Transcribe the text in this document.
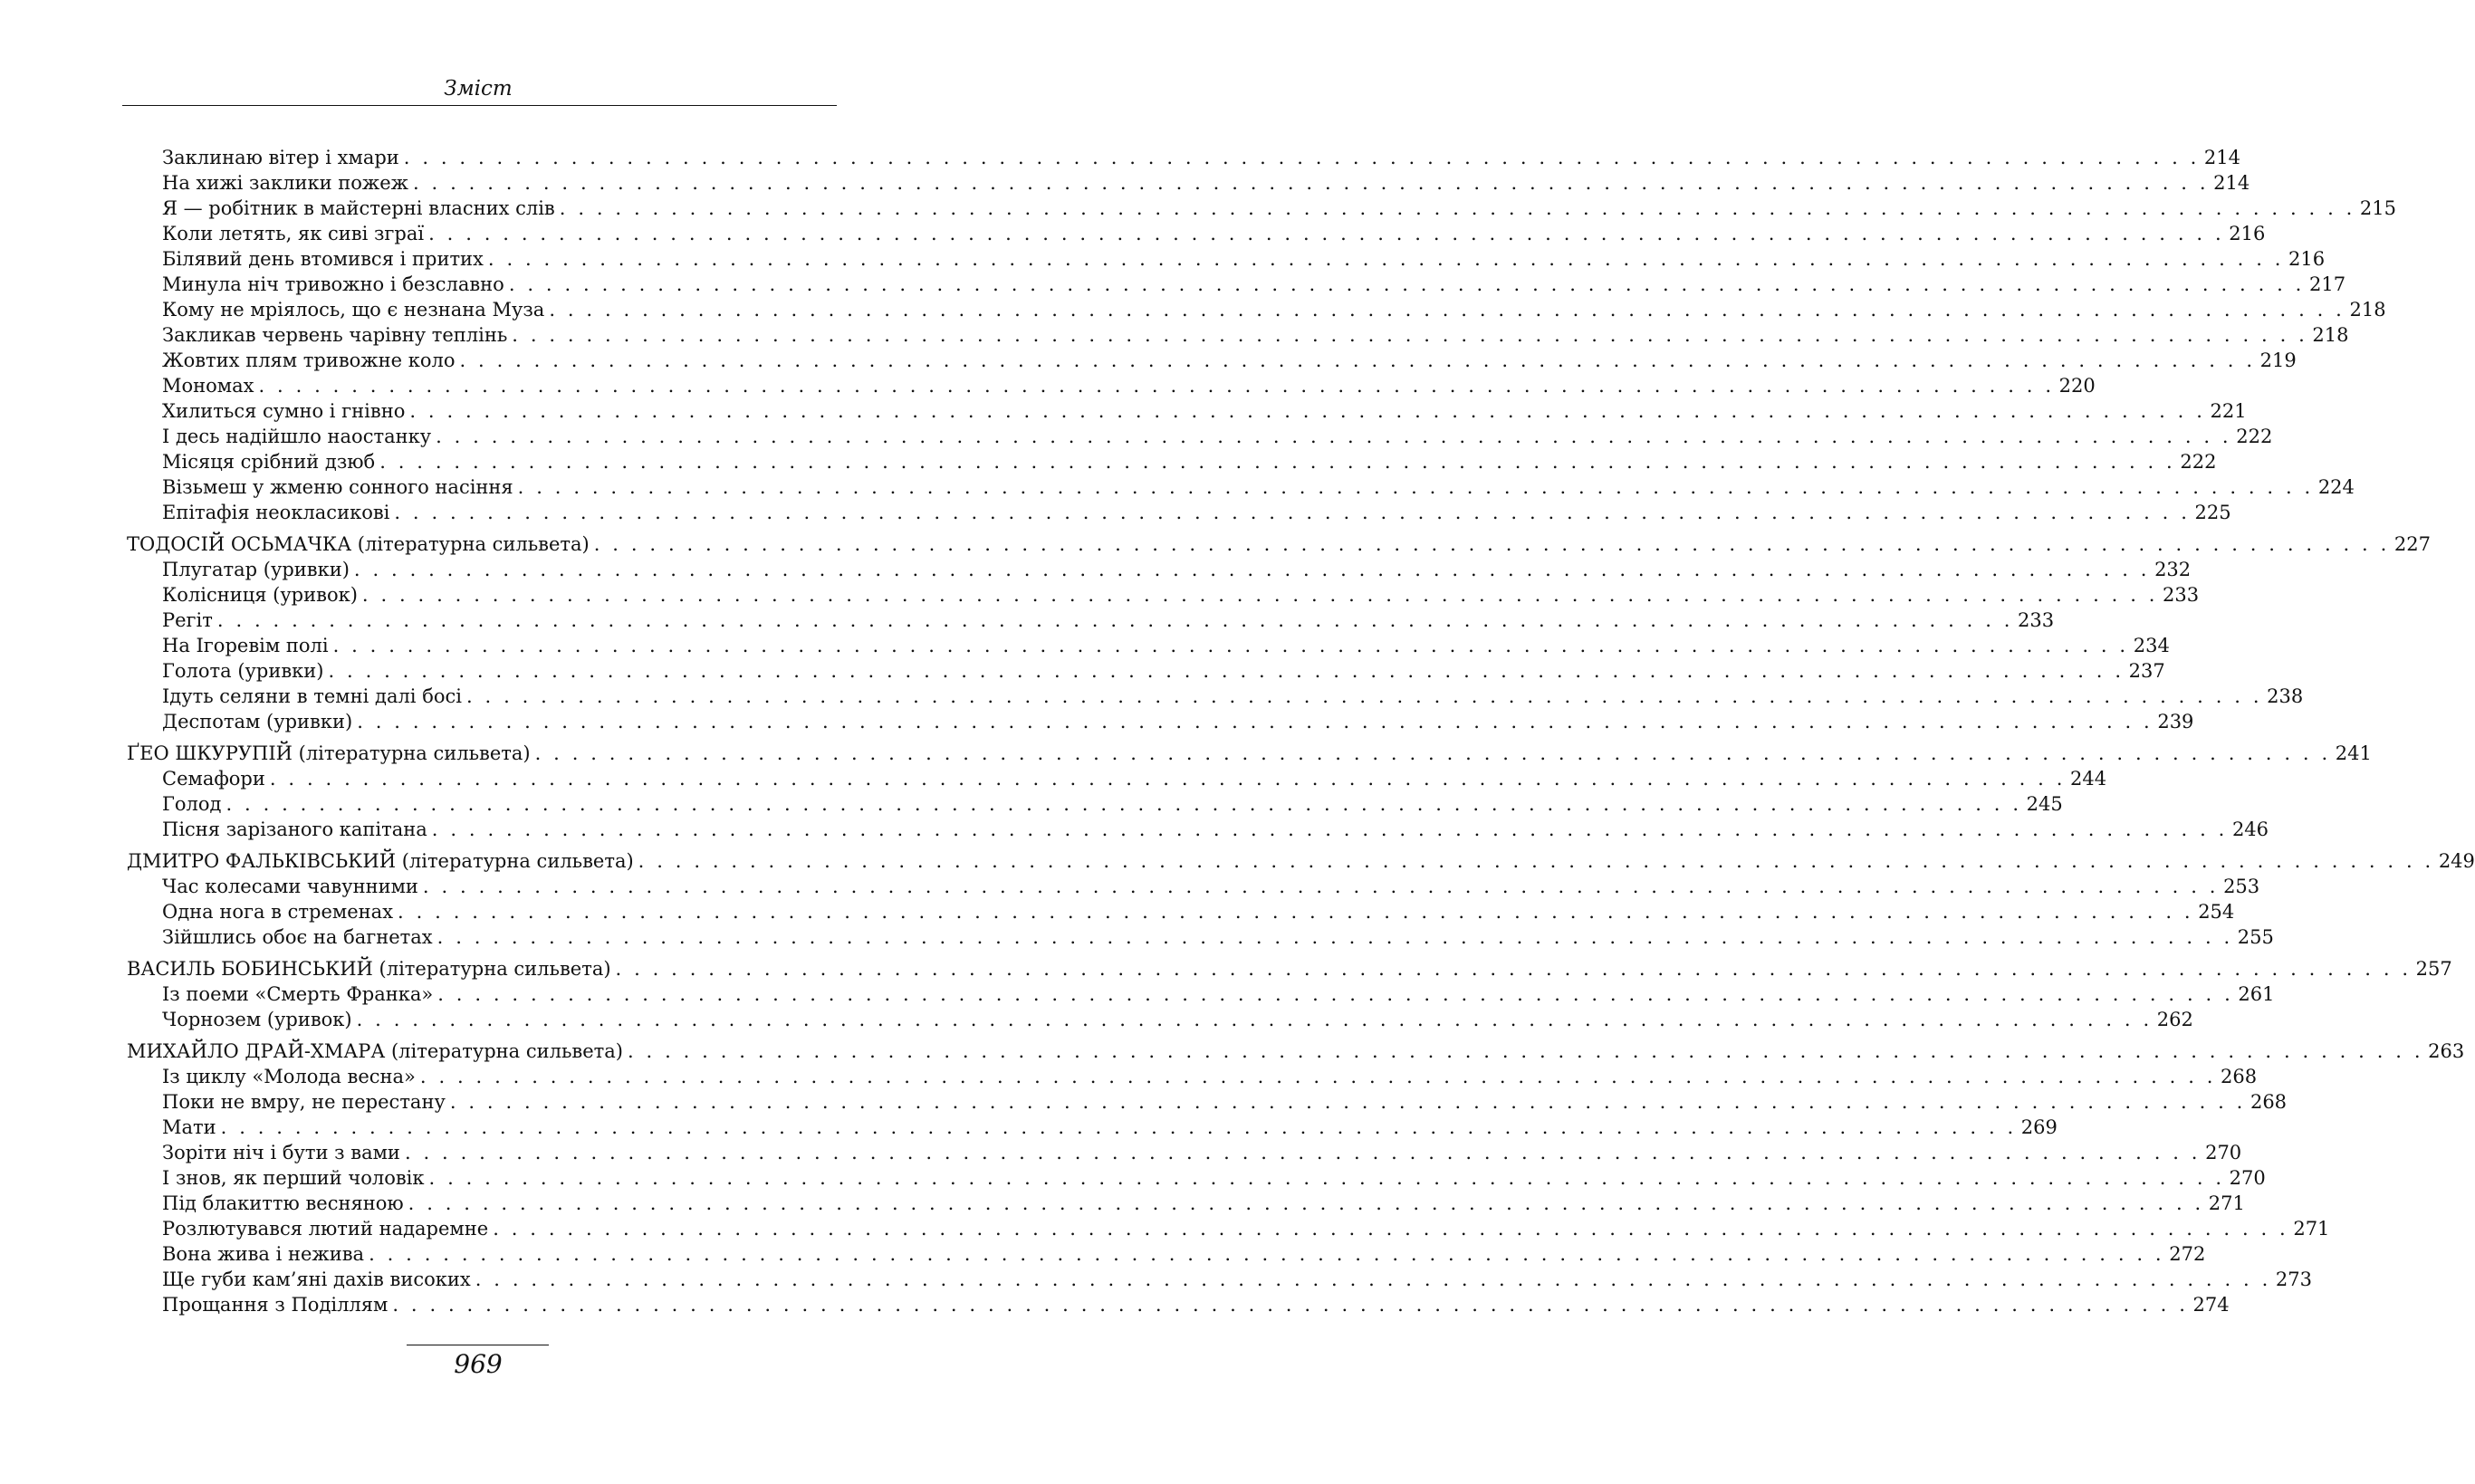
Зміст
Заклинаю вітер і хмари . . . . . . . . . . . . . . . . . . . . . . . . . . . . . . . . . . . . . . . . . . . . . . . . . . . . . . . . . . . . . . . . . . . . . . . . . . . . . . . . . . . . . . . . . . . . . . . . . 214
На хижі заклики пожеж . . . . . . . . . . . . . . . . . . . . . . . . . . . . . . . . . . . . . . . . . . . . . . . . . . . . . . . . . . . . . . . . . . . . . . . . . . . . . . . . . . . . . . . . . . . . . . . . . 214
Я — робітник в майстерні власних слів . . . . . . . . . . . . . . . . . . . . . . . . . . . . . . . . . . . . . . . . . . . . . . . . . . . . . . . . . . . . . . . . . . . . . . . . . . . . . . . . . . . . . . . . . . . . . . . . . 215
Коли летять, як сиві зграї . . . . . . . . . . . . . . . . . . . . . . . . . . . . . . . . . . . . . . . . . . . . . . . . . . . . . . . . . . . . . . . . . . . . . . . . . . . . . . . . . . . . . . . . . . . . . . . . . 216
Білявий день втомився і притих . . . . . . . . . . . . . . . . . . . . . . . . . . . . . . . . . . . . . . . . . . . . . . . . . . . . . . . . . . . . . . . . . . . . . . . . . . . . . . . . . . . . . . . . . . . . . . . . . 216
Минула ніч тривожно і безславно . . . . . . . . . . . . . . . . . . . . . . . . . . . . . . . . . . . . . . . . . . . . . . . . . . . . . . . . . . . . . . . . . . . . . . . . . . . . . . . . . . . . . . . . . . . . . . . . . 217
Кому не мріялось, що є незнана Муза . . . . . . . . . . . . . . . . . . . . . . . . . . . . . . . . . . . . . . . . . . . . . . . . . . . . . . . . . . . . . . . . . . . . . . . . . . . . . . . . . . . . . . . . . . . . . . . . . 218
Закликав червень чарівну теплінь . . . . . . . . . . . . . . . . . . . . . . . . . . . . . . . . . . . . . . . . . . . . . . . . . . . . . . . . . . . . . . . . . . . . . . . . . . . . . . . . . . . . . . . . . . . . . . . . . 218
Жовтих плям тривожне коло . . . . . . . . . . . . . . . . . . . . . . . . . . . . . . . . . . . . . . . . . . . . . . . . . . . . . . . . . . . . . . . . . . . . . . . . . . . . . . . . . . . . . . . . . . . . . . . . . 219
Мономах . . . . . . . . . . . . . . . . . . . . . . . . . . . . . . . . . . . . . . . . . . . . . . . . . . . . . . . . . . . . . . . . . . . . . . . . . . . . . . . . . . . . . . . . . . . . . . . . . 220
Хилиться сумно і гнівно . . . . . . . . . . . . . . . . . . . . . . . . . . . . . . . . . . . . . . . . . . . . . . . . . . . . . . . . . . . . . . . . . . . . . . . . . . . . . . . . . . . . . . . . . . . . . . . . . 221
І десь надійшло наостанку . . . . . . . . . . . . . . . . . . . . . . . . . . . . . . . . . . . . . . . . . . . . . . . . . . . . . . . . . . . . . . . . . . . . . . . . . . . . . . . . . . . . . . . . . . . . . . . . . 222
Місяця срібний дзюб . . . . . . . . . . . . . . . . . . . . . . . . . . . . . . . . . . . . . . . . . . . . . . . . . . . . . . . . . . . . . . . . . . . . . . . . . . . . . . . . . . . . . . . . . . . . . . . . . 222
Візьмеш у жменю сонного насіння . . . . . . . . . . . . . . . . . . . . . . . . . . . . . . . . . . . . . . . . . . . . . . . . . . . . . . . . . . . . . . . . . . . . . . . . . . . . . . . . . . . . . . . . . . . . . . . . . 224
Епітафія неокласикові . . . . . . . . . . . . . . . . . . . . . . . . . . . . . . . . . . . . . . . . . . . . . . . . . . . . . . . . . . . . . . . . . . . . . . . . . . . . . . . . . . . . . . . . . . . . . . . . . 225
ТОДОСІЙ ОСЬМАЧКА (літературна сильвета) . . . . . . . . . . . . . . . . . . . . . . . . . . . . . . . . . . . . . . . . . . . . . . . . . . . . . . . . . . . . . . . . . . . . . . . . . . . . . . . . . . . . . . . . . . . . . . . . . 227
Плугатар (уривки) . . . . . . . . . . . . . . . . . . . . . . . . . . . . . . . . . . . . . . . . . . . . . . . . . . . . . . . . . . . . . . . . . . . . . . . . . . . . . . . . . . . . . . . . . . . . . . . . . 232
Колісниця (уривок) . . . . . . . . . . . . . . . . . . . . . . . . . . . . . . . . . . . . . . . . . . . . . . . . . . . . . . . . . . . . . . . . . . . . . . . . . . . . . . . . . . . . . . . . . . . . . . . . . 233
Регіт . . . . . . . . . . . . . . . . . . . . . . . . . . . . . . . . . . . . . . . . . . . . . . . . . . . . . . . . . . . . . . . . . . . . . . . . . . . . . . . . . . . . . . . . . . . . . . . . . 233
На Ігоревім полі . . . . . . . . . . . . . . . . . . . . . . . . . . . . . . . . . . . . . . . . . . . . . . . . . . . . . . . . . . . . . . . . . . . . . . . . . . . . . . . . . . . . . . . . . . . . . . . . . 234
Голота (уривки) . . . . . . . . . . . . . . . . . . . . . . . . . . . . . . . . . . . . . . . . . . . . . . . . . . . . . . . . . . . . . . . . . . . . . . . . . . . . . . . . . . . . . . . . . . . . . . . . . 237
Ідуть селяни в темні далі босі . . . . . . . . . . . . . . . . . . . . . . . . . . . . . . . . . . . . . . . . . . . . . . . . . . . . . . . . . . . . . . . . . . . . . . . . . . . . . . . . . . . . . . . . . . . . . . . . . 238
Деспотам (уривки) . . . . . . . . . . . . . . . . . . . . . . . . . . . . . . . . . . . . . . . . . . . . . . . . . . . . . . . . . . . . . . . . . . . . . . . . . . . . . . . . . . . . . . . . . . . . . . . . . 239
ҐЕО ШКУРУПІЙ (літературна сильвета) . . . . . . . . . . . . . . . . . . . . . . . . . . . . . . . . . . . . . . . . . . . . . . . . . . . . . . . . . . . . . . . . . . . . . . . . . . . . . . . . . . . . . . . . . . . . . . . . . 241
Семафори . . . . . . . . . . . . . . . . . . . . . . . . . . . . . . . . . . . . . . . . . . . . . . . . . . . . . . . . . . . . . . . . . . . . . . . . . . . . . . . . . . . . . . . . . . . . . . . . . 244
Голод . . . . . . . . . . . . . . . . . . . . . . . . . . . . . . . . . . . . . . . . . . . . . . . . . . . . . . . . . . . . . . . . . . . . . . . . . . . . . . . . . . . . . . . . . . . . . . . . . 245
Пісня зарізаного капітана . . . . . . . . . . . . . . . . . . . . . . . . . . . . . . . . . . . . . . . . . . . . . . . . . . . . . . . . . . . . . . . . . . . . . . . . . . . . . . . . . . . . . . . . . . . . . . . . . 246
ДМИТРО ФАЛЬКІВСЬКИЙ (літературна сильвета) . . . . . . . . . . . . . . . . . . . . . . . . . . . . . . . . . . . . . . . . . . . . . . . . . . . . . . . . . . . . . . . . . . . . . . . . . . . . . . . . . . . . . . . . . . . . . . . . . 249
Час колесами чавунними . . . . . . . . . . . . . . . . . . . . . . . . . . . . . . . . . . . . . . . . . . . . . . . . . . . . . . . . . . . . . . . . . . . . . . . . . . . . . . . . . . . . . . . . . . . . . . . . . 253
Одна нога в стременах . . . . . . . . . . . . . . . . . . . . . . . . . . . . . . . . . . . . . . . . . . . . . . . . . . . . . . . . . . . . . . . . . . . . . . . . . . . . . . . . . . . . . . . . . . . . . . . . . 254
Зійшлись обоє на багнетах . . . . . . . . . . . . . . . . . . . . . . . . . . . . . . . . . . . . . . . . . . . . . . . . . . . . . . . . . . . . . . . . . . . . . . . . . . . . . . . . . . . . . . . . . . . . . . . . . 255
ВАСИЛЬ БОБИНСЬКИЙ (літературна сильвета) . . . . . . . . . . . . . . . . . . . . . . . . . . . . . . . . . . . . . . . . . . . . . . . . . . . . . . . . . . . . . . . . . . . . . . . . . . . . . . . . . . . . . . . . . . . . . . . . . 257
Із поеми «Смерть Франка» . . . . . . . . . . . . . . . . . . . . . . . . . . . . . . . . . . . . . . . . . . . . . . . . . . . . . . . . . . . . . . . . . . . . . . . . . . . . . . . . . . . . . . . . . . . . . . . . . 261
Чорнозем (уривок) . . . . . . . . . . . . . . . . . . . . . . . . . . . . . . . . . . . . . . . . . . . . . . . . . . . . . . . . . . . . . . . . . . . . . . . . . . . . . . . . . . . . . . . . . . . . . . . . . 262
МИХАЙЛО ДРАЙ-ХМАРА (літературна сильвета) . . . . . . . . . . . . . . . . . . . . . . . . . . . . . . . . . . . . . . . . . . . . . . . . . . . . . . . . . . . . . . . . . . . . . . . . . . . . . . . . . . . . . . . . . . . . . . . . . 263
Із циклу «Молода весна» . . . . . . . . . . . . . . . . . . . . . . . . . . . . . . . . . . . . . . . . . . . . . . . . . . . . . . . . . . . . . . . . . . . . . . . . . . . . . . . . . . . . . . . . . . . . . . . . . 268
Поки не вмру, не перестану . . . . . . . . . . . . . . . . . . . . . . . . . . . . . . . . . . . . . . . . . . . . . . . . . . . . . . . . . . . . . . . . . . . . . . . . . . . . . . . . . . . . . . . . . . . . . . . . . 268
Мати . . . . . . . . . . . . . . . . . . . . . . . . . . . . . . . . . . . . . . . . . . . . . . . . . . . . . . . . . . . . . . . . . . . . . . . . . . . . . . . . . . . . . . . . . . . . . . . . . 269
Зоріти ніч і бути з вами . . . . . . . . . . . . . . . . . . . . . . . . . . . . . . . . . . . . . . . . . . . . . . . . . . . . . . . . . . . . . . . . . . . . . . . . . . . . . . . . . . . . . . . . . . . . . . . . . 270
І знов, як перший чоловік . . . . . . . . . . . . . . . . . . . . . . . . . . . . . . . . . . . . . . . . . . . . . . . . . . . . . . . . . . . . . . . . . . . . . . . . . . . . . . . . . . . . . . . . . . . . . . . . . 270
Під блакиттю весняною . . . . . . . . . . . . . . . . . . . . . . . . . . . . . . . . . . . . . . . . . . . . . . . . . . . . . . . . . . . . . . . . . . . . . . . . . . . . . . . . . . . . . . . . . . . . . . . . . 271
Розлютувався лютий надаремне . . . . . . . . . . . . . . . . . . . . . . . . . . . . . . . . . . . . . . . . . . . . . . . . . . . . . . . . . . . . . . . . . . . . . . . . . . . . . . . . . . . . . . . . . . . . . . . . . 271
Вона жива і нежива . . . . . . . . . . . . . . . . . . . . . . . . . . . . . . . . . . . . . . . . . . . . . . . . . . . . . . . . . . . . . . . . . . . . . . . . . . . . . . . . . . . . . . . . . . . . . . . . . 272
Ще губи кам’яні дахів високих . . . . . . . . . . . . . . . . . . . . . . . . . . . . . . . . . . . . . . . . . . . . . . . . . . . . . . . . . . . . . . . . . . . . . . . . . . . . . . . . . . . . . . . . . . . . . . . . . 273
Прощання з Поділлям . . . . . . . . . . . . . . . . . . . . . . . . . . . . . . . . . . . . . . . . . . . . . . . . . . . . . . . . . . . . . . . . . . . . . . . . . . . . . . . . . . . . . . . . . . . . . . . . . 274
969
